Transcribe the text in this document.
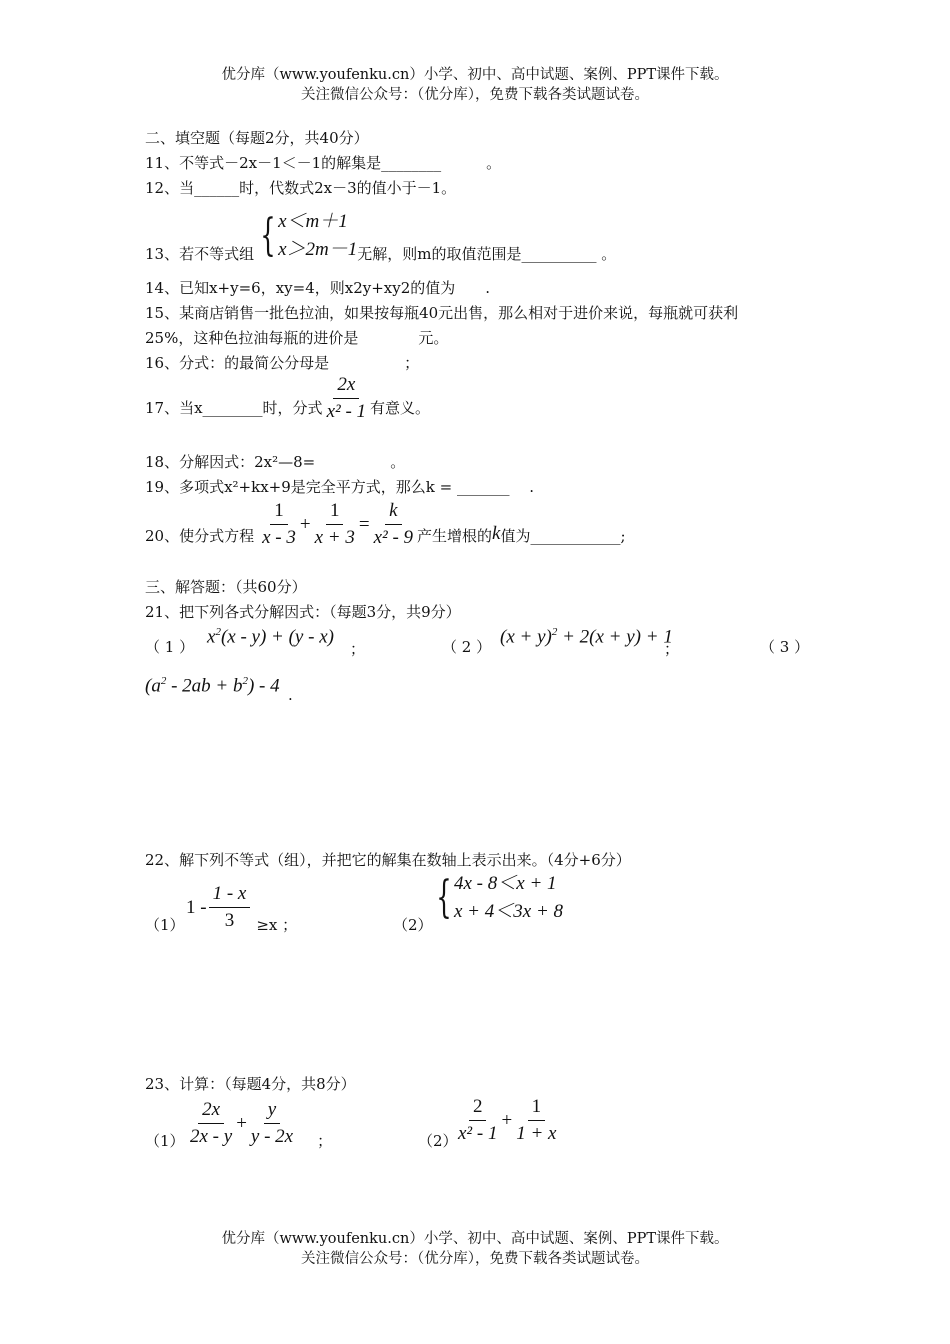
优分库（www.youfenku.cn）小学、初中、高中试题、案例、PPT课件下载。
关注微信公众号：（优分库），免费下载各类试题试卷。
二、填空题（每题2分，共40分）
11、不等式－2x－1＜－1的解集是________　　　。
12、当______时，代数式2x－3的值小于－1。
13、若不等式组 { x＜m＋1
x＞2m－1 无解，则m的取值范围是__________ 。
14、已知x+y=6，xy=4，则x2y+xy2的值为　　.
15、某商店销售一批色拉油，如果按每瓶40元出售，那么相对于进价来说，每瓶就可获利
25%，这种色拉油每瓶的进价是　　　　元。
16、分式：的最简公分母是　　　　　；
17、当x________时，分式 $\frac{2x}{\text{x² - 1}}$ 有意义。
18、分解因式：2x²—8=　　　　　。
19、多项式x²+kx+9是完全平方式，那么k = _______　 .
20、使分式方程 $\frac{1}{x - 3} + \frac{1}{x + 3} = \frac{k}{\text{x² - 9}}$ 产生增根的 k 值为____________;
三、解答题：（共60分）
21、把下列各式分解因式：（每题3分，共9分）
（ 1 ） $x^2(x - y) + (y - x)$
；	（ 2 ） $(x + y)^2 + 2(x + y) + 1$
；	（ 3 ）
$(a^2 - 2ab + b^2) - 4$ .
22、解下列不等式（组），并把它的解集在数轴上表示出来。（4分+6分）
（1）
$1 - \frac{1 - x}{3} \ge x$ ；	（2）
{ 4x - 8＜x + 1
x + 4＜3x + 8
23、计算：（每题4分，共8分）
$(1) \frac{2x}{2x - y} + \frac{y}{y - 2x}$ ；	（2）
$\frac{2}{\text{x² - 1}} + \frac{1}{1 + x}$
优分库（www.youfenku.cn）小学、初中、高中试题、案例、PPT课件下载。
关注微信公众号：（优分库），免费下载各类试题试卷。
